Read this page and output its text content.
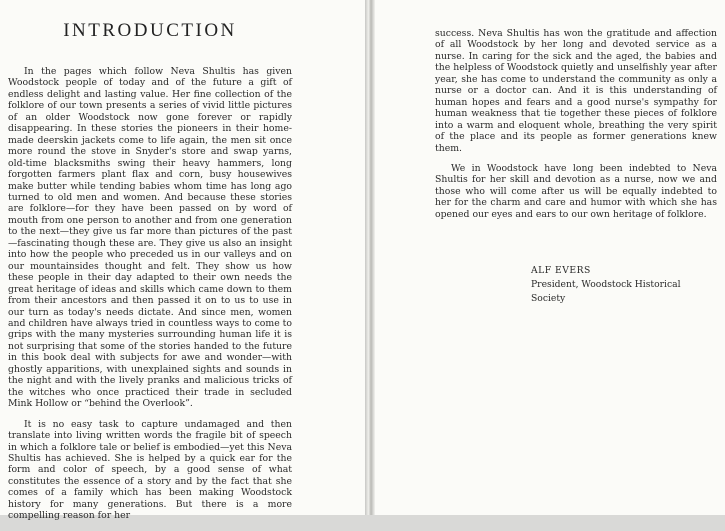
INTRODUCTION

In the pages which follow Neva Shultis has given Woodstock people of today and of the future a gift of endless delight and lasting value. Her fine collection of the folklore of our town presents a series of vivid little pictures of an older Woodstock now gone forever or rapidly disappearing. In these stories the pioneers in their home-made deerskin jackets come to life again, the men sit once more round the stove in Snyder's store and swap yarns, old-time blacksmiths swing their heavy hammers, long forgotten farmers plant flax and corn, busy housewives make butter while tending babies whom time has long ago turned to old men and women. And because these stories are folklore—for they have been passed on by word of mouth from one person to another and from one generation to the next—they give us far more than pictures of the past—fascinating though these are. They give us also an insight into how the people who preceded us in our valleys and on our mountainsides thought and felt. They show us how these people in their day adapted to their own needs the great heritage of ideas and skills which came down to them from their ancestors and then passed it on to us to use in our turn as today's needs dictate. And since men, women and children have always tried in countless ways to come to grips with the many mysteries surrounding human life it is not surprising that some of the stories handed to the future in this book deal with subjects for awe and wonder—with ghostly apparitions, with unexplained sights and sounds in the night and with the lively pranks and malicious tricks of the witches who once practiced their trade in secluded Mink Hollow or “behind the Overlook”.

It is no easy task to capture undamaged and then translate into living written words the fragile bit of speech in which a folklore tale or belief is embodied—yet this Neva Shultis has achieved. She is helped by a quick ear for the form and color of speech, by a good sense of what constitutes the essence of a story and by the fact that she comes of a family which has been making Woodstock history for many generations. But there is a more compelling reason for her

success. Neva Shultis has won the gratitude and affection of all Woodstock by her long and devoted service as a nurse. In caring for the sick and the aged, the babies and the helpless of Woodstock quietly and unselfishly year after year, she has come to understand the community as only a nurse or a doctor can. And it is this understanding of human hopes and fears and a good nurse's sympathy for human weakness that tie together these pieces of folklore into a warm and eloquent whole, breathing the very spirit of the place and its people as former generations knew them.

We in Woodstock have long been indebted to Neva Shultis for her skill and devotion as a nurse, now we and those who will come after us will be equally indebted to her for the charm and care and humor with which she has opened our eyes and ears to our own heritage of folklore.

ALF EVERS
President, Woodstock Historical Society
